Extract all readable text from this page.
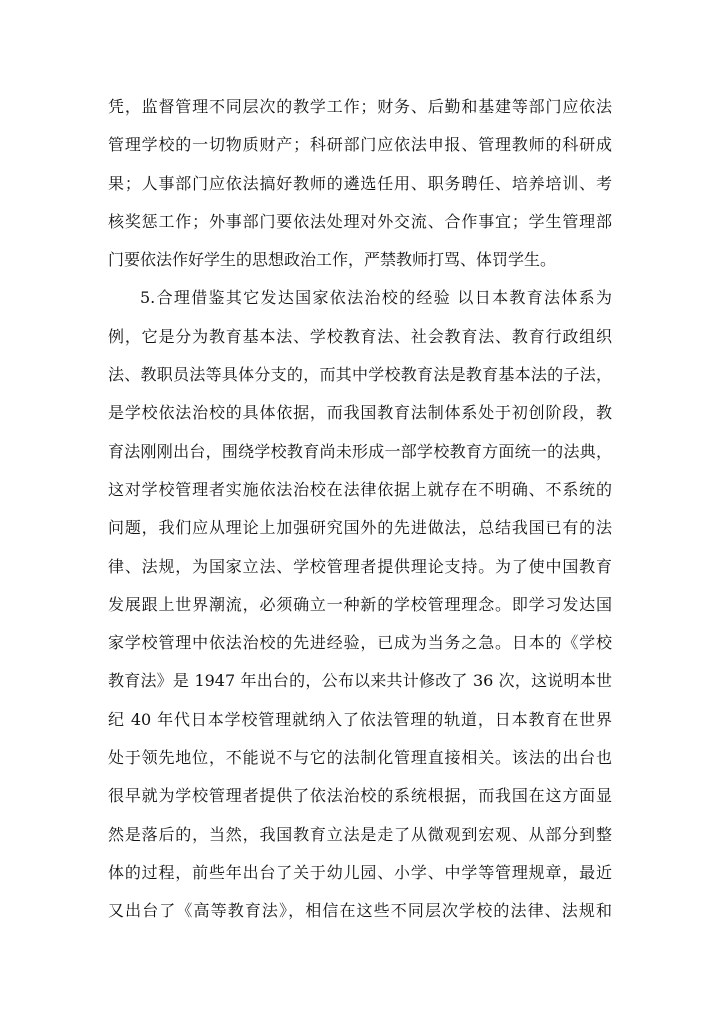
凭，监督管理不同层次的教学工作；财务、后勤和基建等部门应依法
管理学校的一切物质财产；科研部门应依法申报、管理教师的科研成
果；人事部门应依法搞好教师的遴选任用、职务聘任、培养培训、考
核奖惩工作；外事部门要依法处理对外交流、合作事宜；学生管理部
门要依法作好学生的思想政治工作，严禁教师打骂、体罚学生。
5.合理借鉴其它发达国家依法治校的经验 以日本教育法体系为
例，它是分为教育基本法、学校教育法、社会教育法、教育行政组织
法、教职员法等具体分支的，而其中学校教育法是教育基本法的子法，
是学校依法治校的具体依据，而我国教育法制体系处于初创阶段，教
育法刚刚出台，围绕学校教育尚未形成一部学校教育方面统一的法典，
这对学校管理者实施依法治校在法律依据上就存在不明确、不系统的
问题，我们应从理论上加强研究国外的先进做法，总结我国已有的法
律、法规，为国家立法、学校管理者提供理论支持。为了使中国教育
发展跟上世界潮流，必须确立一种新的学校管理理念。即学习发达国
家学校管理中依法治校的先进经验，已成为当务之急。日本的《学校
教育法》是 1947 年出台的，公布以来共计修改了 36 次，这说明本世
纪 40 年代日本学校管理就纳入了依法管理的轨道，日本教育在世界
处于领先地位，不能说不与它的法制化管理直接相关。该法的出台也
很早就为学校管理者提供了依法治校的系统根据，而我国在这方面显
然是落后的，当然，我国教育立法是走了从微观到宏观、从部分到整
体的过程，前些年出台了关于幼儿园、小学、中学等管理规章，最近
又出台了《高等教育法》，相信在这些不同层次学校的法律、法规和
